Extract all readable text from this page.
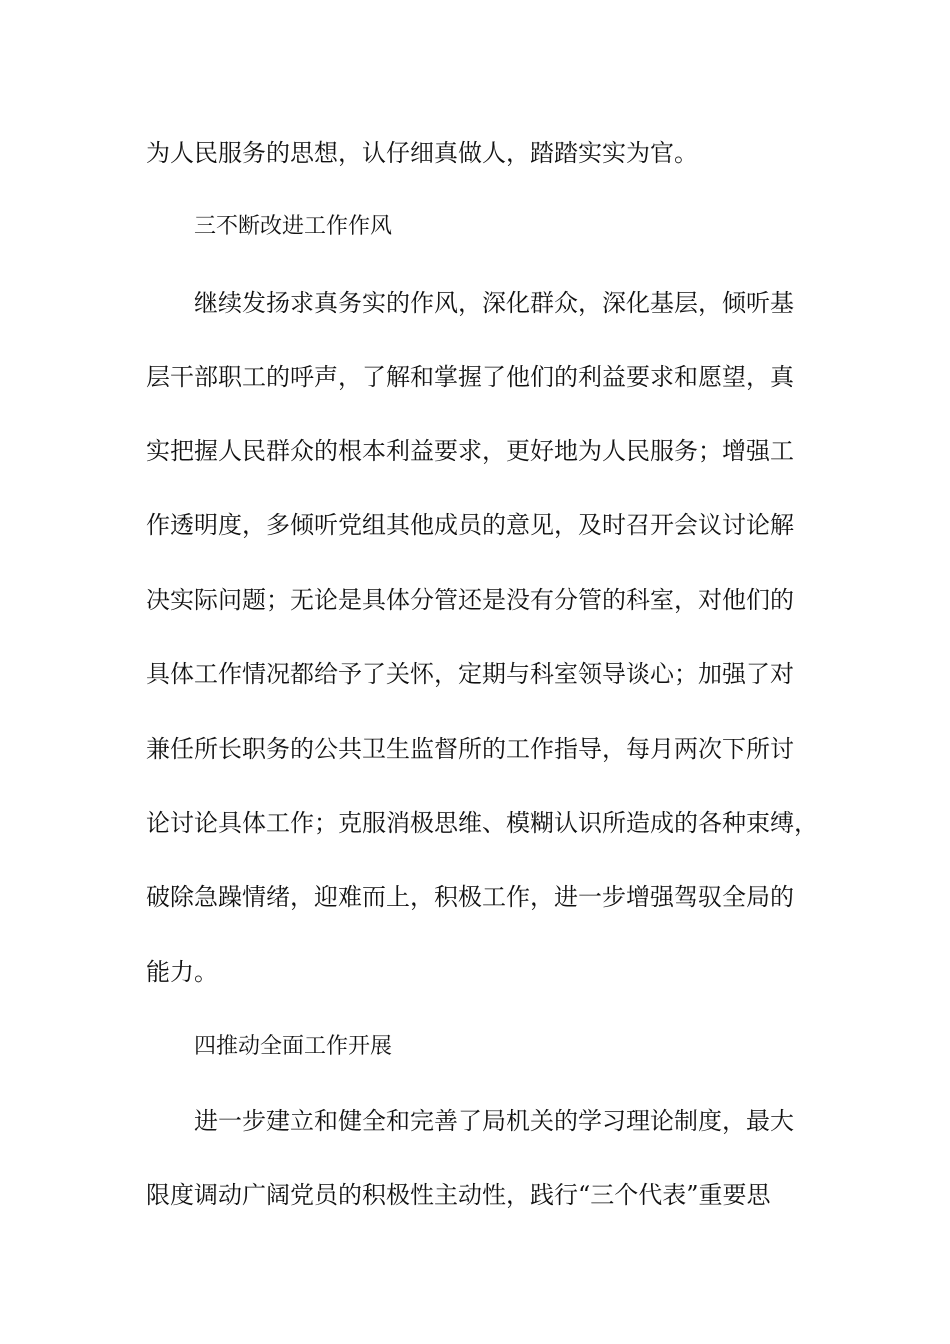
为人民服务的思想，认仔细真做人，踏踏实实为官。
三不断改进工作作风
继续发扬求真务实的作风，深化群众，深化基层，倾听基
层干部职工的呼声，了解和掌握了他们的利益要求和愿望，真
实把握人民群众的根本利益要求，更好地为人民服务；增强工
作透明度，多倾听党组其他成员的意见，及时召开会议讨论解
决实际问题；无论是具体分管还是没有分管的科室，对他们的
具体工作情况都给予了关怀，定期与科室领导谈心；加强了对
兼任所长职务的公共卫生监督所的工作指导，每月两次下所讨
论讨论具体工作；克服消极思维、模糊认识所造成的各种束缚，
破除急躁情绪，迎难而上，积极工作，进一步增强驾驭全局的
能力。
四推动全面工作开展
进一步建立和健全和完善了局机关的学习理论制度，最大
限度调动广阔党员的积极性主动性，践行“三个代表”重要思
